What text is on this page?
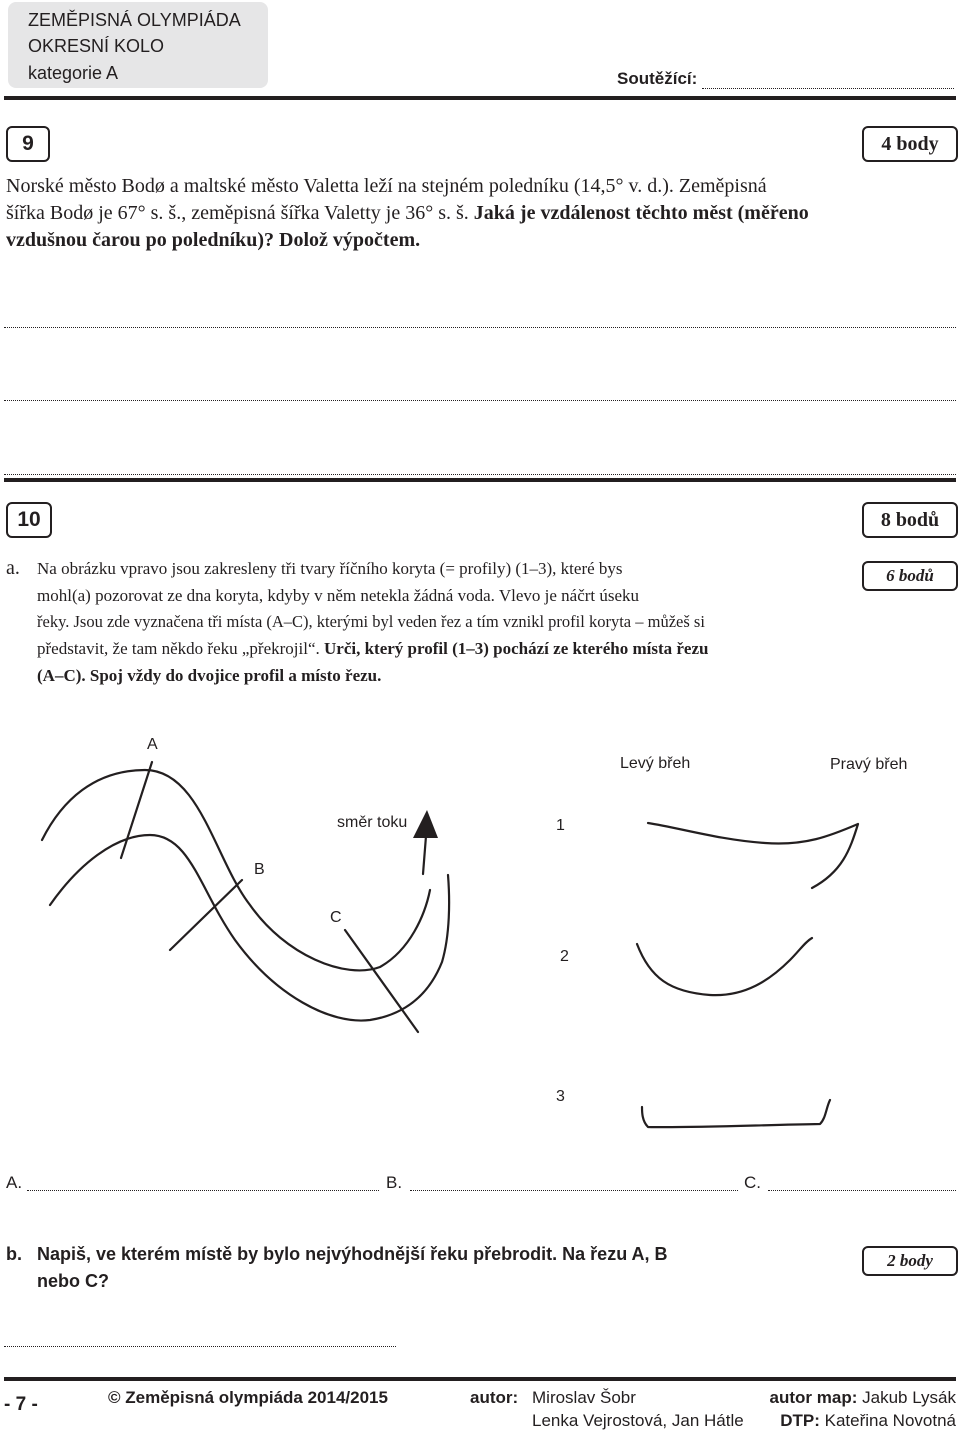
ZEMĚPISNÁ OLYMPIÁDA
OKRESNÍ KOLO
kategorie A	Soutěžící:
9	4 body
Norské město Bodø a maltské město Valetta leží na stejném poledníku (14,5° v. d.). Zeměpisná
šířka Bodø je 67° s. š., zeměpisná šířka Valetty je 36° s. š. Jaká je vzdálenost těchto měst (měřeno
vzdušnou čarou po poledníku)? Dolož výpočtem.
10	8 bodů
a.	6 bodů
Na obrázku vpravo jsou zakresleny tři tvary říčního koryta (= profily) (1–3), které bys
mohl(a) pozorovat ze dna koryta, kdyby v něm netekla žádná voda. Vlevo je náčrt úseku
řeky. Jsou zde vyznačena tři místa (A–C), kterými byl veden řez a tím vznikl profil koryta – můžeš si
představit, že tam někdo řeku „překrojil“. Urči, který profil (1–3) pochází ze kterého místa řezu
(A–C). Spoj vždy do dvojice profil a místo řezu.
A
B
C
směr toku
Levý břeh	Pravý břeh
1
2
3
A.	B.	C.
b. Napiš, ve kterém místě by bylo nejvýhodnější řeku přebrodit. Na řezu A, B
nebo C?
2 body
- 7 -	© Zeměpisná olympiáda 2014/2015	autor: Miroslav Šobr
Lenka Vejrostová, Jan Hátle
autor map: Jakub Lysák
DTP: Kateřina Novotná
